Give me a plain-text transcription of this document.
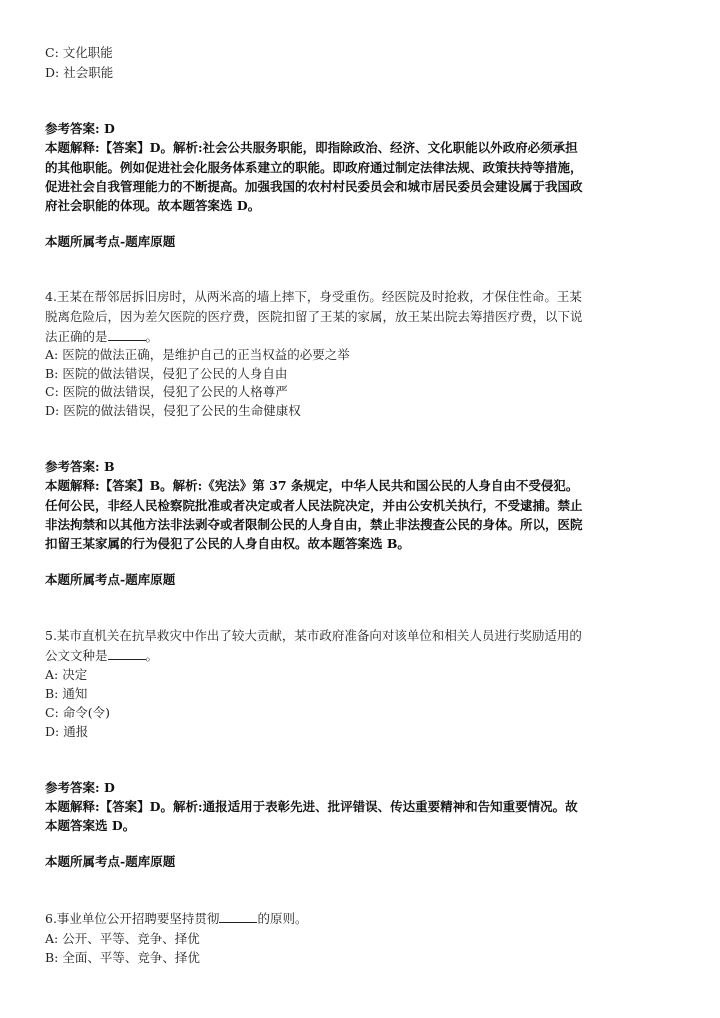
C: 文化职能
D: 社会职能
参考答案: D
本题解释:【答案】D。解析:社会公共服务职能，即指除政治、经济、文化职能以外政府必须承担
的其他职能。例如促进社会化服务体系建立的职能。即政府通过制定法律法规、政策扶持等措施，
促进社会自我管理能力的不断提高。加强我国的农村村民委员会和城市居民委员会建设属于我国政
府社会职能的体现。故本题答案选 D。
本题所属考点-题库原题
4.王某在帮邻居拆旧房时，从两米高的墙上摔下，身受重伤。经医院及时抢救，才保住性命。王某
脱离危险后，因为差欠医院的医疗费，医院扣留了王某的家属，放王某出院去筹措医疗费，以下说
法正确的是	。
A: 医院的做法正确，是维护自己的正当权益的必要之举
B: 医院的做法错误，侵犯了公民的人身自由
C: 医院的做法错误，侵犯了公民的人格尊严
D: 医院的做法错误，侵犯了公民的生命健康权
参考答案: B
本题解释:【答案】B。解析:《宪法》第 37 条规定，中华人民共和国公民的人身自由不受侵犯。
任何公民，非经人民检察院批准或者决定或者人民法院决定，并由公安机关执行，不受逮捕。禁止
非法拘禁和以其他方法非法剥夺或者限制公民的人身自由，禁止非法搜查公民的身体。所以，医院
扣留王某家属的行为侵犯了公民的人身自由权。故本题答案选 B。
本题所属考点-题库原题
5.某市直机关在抗旱救灾中作出了较大贡献，某市政府准备向对该单位和相关人员进行奖励适用的
公文文种是	。
A: 决定
B: 通知
C: 命令(令)
D: 通报
参考答案: D
本题解释:【答案】D。解析:通报适用于表彰先进、批评错误、传达重要精神和告知重要情况。故
本题答案选 D。
本题所属考点-题库原题
6.事业单位公开招聘要坚持贯彻	的原则。
A: 公开、平等、竞争、择优
B: 全面、平等、竞争、择优
